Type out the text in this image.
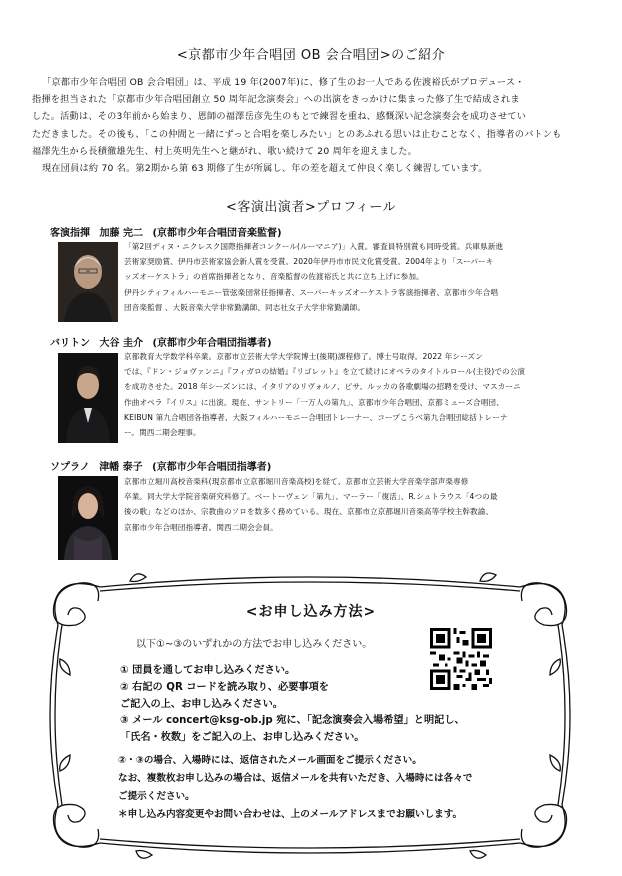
<京都市少年合唱団 OB 会合唱団>のご紹介

「京都市少年合唱団 OB 会合唱団」は、平成 19 年(2007年)に、修了生のお一人である佐渡裕氏がプロデュース・

指揮を担当された「京都市少年合唱団創立 50 周年記念演奏会」への出演をきっかけに集まった修了生で結成されま

した。活動は、その3年前から始まり、恩師の福澤岳彦先生のもとで練習を重ね、感慨深い記念演奏会を成功させてい

ただきました。その後も、「この仲間と一緒にずっと合唱を楽しみたい」とのあふれる思いは止むことなく、指導者のバトンも

福澤先生から長積徹雄先生、村上英明先生へと継がれ、歌い続けて 20 周年を迎えました。

現在団員は約 70 名。第2期から第 63 期修了生が所属し、年の差を超えて仲良く楽しく練習しています。

<客演出演者>プロフィール
客演指揮 加藤 完二 (京都市少年合唱団音楽監督)

「第2回ディヌ・ニクレスク国際指揮者コンクール(ルーマニア)」入賞。審査員特別賞も同時受賞。兵庫県新進

芸術家奨励賞、伊丹市芸術家協会新人賞を受賞。2020年伊丹市市民文化賞受賞。2004年より「スーパーキ

ッズオーケストラ」の首席指揮者となり、音楽監督の佐渡裕氏と共に立ち上げに参加。

伊丹シティフィルハーモニー管弦楽団常任指揮者、スーパーキッズオーケストラ客演指揮者、京都市少年合唱

団音楽監督 、大阪音楽大学非常勤講師、同志社女子大学非常勤講師。

バリトン 大谷 圭介 (京都市少年合唱団指導者)

京都教育大学数学科卒業。京都市立芸術大学大学院博士(後期)課程修了。博士号取得。2022 年シーズン

では、『ドン・ジョヴァンニ』『フィガロの結婚』『リゴレット』を立て続けにオペラのタイトルロール(主役)での公演

を成功させた。2018 年シーズンには、イタリアのリヴォルノ、ピサ、ルッカの各歌劇場の招聘を受け、マスカーニ

作曲オペラ『イリス』に出演。現在、サントリー「一万人の第九」、京都市少年合唱団、京都ミューズ合唱団、

KEIBUN 第九合唱団各指導者、大阪フィルハーモニー合唱団トレーナー、コープこうべ第九合唱団総括トレーナ

ー。関西二期会理事。

ソプラノ 津幡 泰子 (京都市少年合唱団指導者)

京都市立堀川高校音楽科(現京都市立京都堀川音楽高校)を経て、京都市立芸術大学音楽学部声楽専修

卒業。同大学大学院音楽研究科修了。ベートーヴェン「第九」、マーラー「復活」、R.シュトラウス「4つの最

後の歌」などのほか、宗教曲のソロを数多く務めている。現在、京都市立京都堀川音楽高等学校主幹教諭、

京都市少年合唱団指導者。関西二期会会員。

<お申し込み方法>

以下①~③のいずれかの方法でお申し込みください。

① 団員を通してお申し込みください。

② 右記の QR コードを読み取り、必要事項を

ご記入の上、お申し込みください。

③ メール concert@ksg-ob.jp 宛に、「記念演奏会入場希望」と明記し、

「氏名・枚数」をご記入の上、お申し込みください。

②・③の場合、入場時には、返信されたメール画面をご提示ください。

なお、複数枚お申し込みの場合は、返信メールを共有いただき、入場時には各々で

ご提示ください。

＊申し込み内容変更やお問い合わせは、上のメールアドレスまでお願いします。
